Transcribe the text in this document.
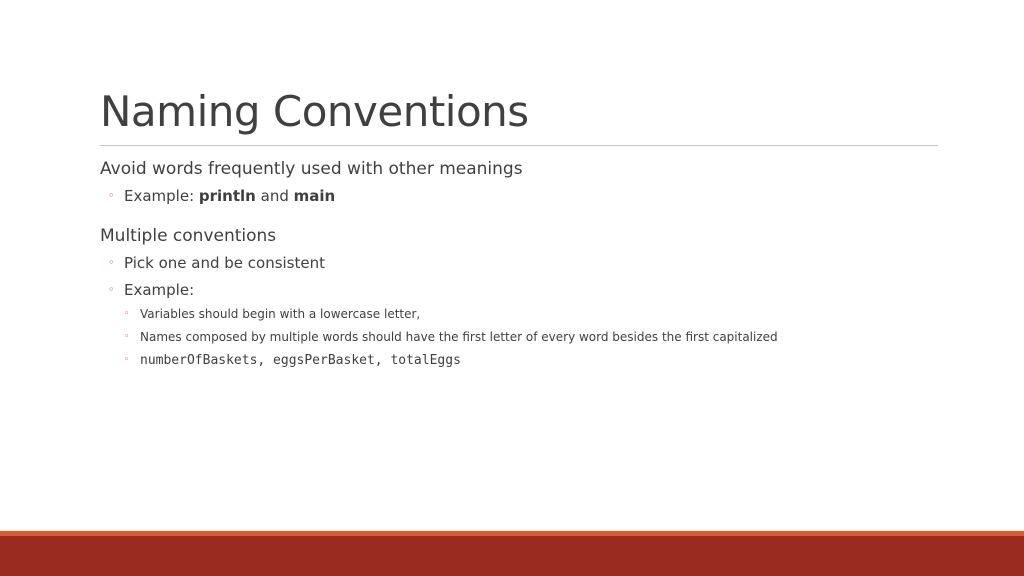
Naming Conventions

Avoid words frequently used with other meanings

◦ Example: println and main

Multiple conventions

◦ Pick one and be consistent

◦ Example:

◦ Variables should begin with a lowercase letter,

◦ Names composed by multiple words should have the first letter of every word besides the first capitalized

◦ numberOfBaskets, eggsPerBasket, totalEggs
